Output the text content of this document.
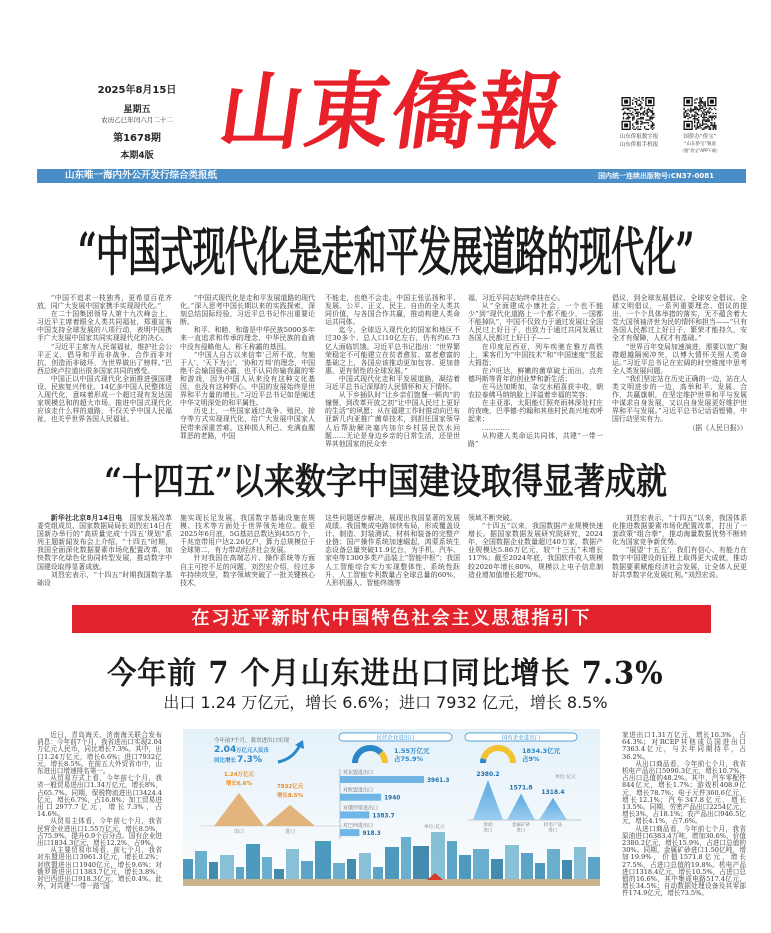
2025年8月15日
星期五
农历乙巳年闰六月二十二
第1678期
本期4版 山東僑報	山东侨报数字报
山东侨报手机报
国侨办“侨宝”
“山东侨宝”频道
（搜“侨宝”APP下载）
山东唯一海内外公开发行综合类报纸	国内统一连续出版物号:CN37-0081
“中国式现代化是走和平发展道路的现代化”

“中国不追求一枝独秀，更希望百花齐放，同广大发展中国家携手实现现代化。”

在二十国集团领导人第十九次峰会上，习近平主席着眼全人类共同福祉，郑重宣布中国支持全球发展的八项行动，表明中国携手广大发展中国家共同实现现代化的决心。

“习近平主席为人民谋福祉，维护社会公平正义，倡导和平而非战争、合作而非对抗、创造而非破坏，为世界做出了榜样。”巴西总统卢拉道出很多国家共同的感受。

中国正以中国式现代化全面推进强国建设、民族复兴伟业。14亿多中国人民整体迈入现代化，意味着形成一个超过现有发达国家规模总和的超大市场。推进中国式现代化应该走什么样的道路，不仅关乎中国人民福祉，也关乎世界各国人民福祉。

“中国式现代化是走和平发展道路的现代化。”深入思考中国长期以来的实践探索，深刻总结国际经验，习近平总书记作出重要论断。

和平、和睦、和谐是中华民族5000多年来一直追求和传承的理念，中华民族的血液中没有侵略他人、称王称霸的基因。

“中国人自古以来信奉‘己所不欲，勿施于人’、‘天下为公’、‘协和万邦’的理念，中国绝不会输国强必霸，也不认同你输我赢的零和游戏，因为中国人从来没有这种文化基因，也没有这种野心。中国的发展始终是世界和平力量的增长。”习近平总书记如是阐述中华文明深处的和平属性。

历史上，一些国家通过战争、殖民、掠夺等方式实现现代化，给广大发展中国家人民带来深重苦难。这种损人利己、充满血腥罪恶的老路，中国

不能走，也绝不会走。中国主张弘扬和平、发展、公平、正义、民主、自由的全人类共同价值，与各国合作共赢，推动构建人类命运共同体。

迄今，全球迈入现代化的国家和地区不过30多个、总人口10亿左右，仍有约6.73亿人面临饥饿。习近平总书记指出：“世界繁荣稳定不可能建立在贫者愈贫、富者愈富的基础之上，各国应该推动更加包容、更加普惠、更有韧性的全球发展。”

中国式现代化走和平发展道路，凝结着习近平总书记深厚的人民情怀和天下情怀。

从下乡插队时“让乡亲们饱餐一顿肉”的憧憬，到改革开放之初“让中国人民过上更好的生活”的夙愿；从在福建工作时推动向巴布亚新几内亚推广菌草技术，到担任国家领导人后帮助解决塞内加尔乡村居民饮水问题……无论是身边乡亲的日常生活，还是世界其他国家的民众幸

福，习近平同志始终牵挂在心。

从“全面建成小康社会，一个也不能少”到“现代化道路上一个都不能少，一国都不能掉队”，中国不仅致力于通过发展让全国人民过上好日子，也致力于通过共同发展让各国人民都过上好日子——

在印度尼西亚，列车疾驰在雅万高铁上，乘客们为“中国技术”和“中国速度”竖起大拇指；

在卢旺达，鲜嫩的菌草破土而出，点亮德玛斯等青年的创业梦和新生活；

在马达加斯加，杂交水稻喜获丰收，朝农拉泰佛马纳纳脸上洋溢着幸福的笑容；

在圭亚那，太阳能灯照亮雨林深处村庄的夜晚，巴季德·约翰和其他村民高兴地欢呼起来；

…………

从构建人类命运共同体，共建“一带一路”

倡议，到全球发展倡议、全球安全倡议、全球文明倡议，一系列重要理念、倡议的提出，一个个具体举措的落实，无不蕴含着大党大国领袖济世为民的情怀和担当——“只有各国人民都过上好日子，繁荣才能持久，安全才有保障，人权才有基础。”

“世界百年变局加速演进，需要以宽广胸襟超越隔阂冲突，以博大情怀关照人类命运。”习近平总书记在宏阔的时空维度中思考全人类发展问题。

“我们坚定站在历史正确的一边，站在人类文明进步的一边，高举和平、发展、合作、共赢旗帜，在坚定维护世界和平与发展中谋求自身发展，又以自身发展更好维护世界和平与发展。”习近平总书记话语铿锵，中国行动坚实有力。

（据《人民日报》）

“十四五”以来数字中国建设取得显著成就

新华社北京8月14日电　 国家发展改革委党组成员、国家数据局局长刘烈宏14日在国新办举行的“高质量完成‘十四五’规划”系列主题新闻发布会上介绍，“十四五”时期，我国全面深化数据要素市场化配置改革，加快数字化绿色化协同转型发展，推动数字中国建设取得显著成就。

刘烈宏表示，“十四五”时期我国数字基础设

施实现长足发展，我国数字基础设施在规模、技术等方面处于世界领先地位。截至2025年6月底，5G基站总数达到455万个，千兆宽带用户达2.26亿户，算力总规模位于全球第二，有力带动经济社会发展。

针对我国在高端芯片、操作系统等方面自主可控不足的问题，刘烈宏介绍，经过多年持续攻坚，数字领域突破了一批关键核心技术，

这些问题逐步解决，展现出我国显著的发展成绩。我国集成电路加快布局，形成覆盖设计、制造、封装测试、材料和装备的完整产业链；国产操作系统加速崛起，鸿蒙系统生态设备总量突破11.9亿台，为手机、汽车、家电等1300多类产品装上“智能中枢”；我国人工智能综合实力实现整体性、系统性跃升，人工智能专利数量占全球总量的60%，人形机器人、智能终端等

领域不断突破。

“十四五”以来，我国数据产业规模快速增长。据国家数据发展研究院研究，2024年，全国数据企业数量超过40万家，数据产业规模达5.86万亿元，较“十三五”末增长117%；截至2024年底，我国软件收入规模较2020年增长80%，规模以上电子信息制造业增加值增长超70%。

刘烈宏表示，“十四五”以来，我国体系化推进数据要素市场化配置改革，打出了一套政策“组合拳”，推动海量数据优势不断转化为国家竞争新优势。

“展望‘十五五’，我们有信心、有能力在数字中国建设的征程上取得更大成就，推动数据要素赋能经济社会发展，让全体人民更好共享数字化发展红利。”刘烈宏说。

在习近平新时代中国特色社会主义思想指引下
今年前 7 个月山东进出口同比增长 7.3%
出口 1.24 万亿元，增长 6.6%；进口 7932 亿元，增长 8.5%

近日，青岛海关、济南海关联合发布消息：今年前7个月，我省进出口实现2.04万亿元人民币，同比增长7.3%。其中，出口1.24万亿元，增长6.6%；进口7932亿元，增长8.5%。在前五大外贸省市中，山东进出口增速排名第一。

从贸易方式上看，今年前七个月，我省一般贸易进出口1.34万亿元，增长8%，占65.7%。同期，保税物流进出口3424.4亿元，增长6.7%，占16.8%；加工贸易进出口2977.7亿元，增长7.3%，占14.6%。

从贸易主体看，今年前七个月，我省民营企业进出口1.55万亿元，增长8.5%，占75.9%，提升0.9个百分点。国有企业进出口1834.3亿元，增长12.2%，占9%。

从主要贸易市场看，前七个月，我省对东盟进出口3961.3亿元，增长0.2%；对欧盟进出口1940亿元，增长9.6%；对俄罗斯进出口1383.7亿元，增长3.8%；对巴西进出口918.3亿元，增长0.4%。此外，对共建“一带一路”国

家进出口1.31万亿元，增长10.3%，占64.3%；对RCEP其他成员国进出口7363.4亿元，与去年同期持平，占36.2%。

从出口商品看，今年前七个月，我省机电产品出口5990.3亿元，增长10.7%，占出口总值的48.2%。其中，汽车零配件844亿元，增长1.7%；游戏机408.9亿元，增长78.7%；电子元件360.6亿元，增长12.1%；汽车347.8亿元，增长13.5%。同期，劳密产品出口2254亿元，增长3%，占18.1%；农产品出口946.5亿元，增长4.1%，占7.6%。

从进口商品看，今年前七个月，我省原油进口6383.4万吨，增加30.6%，价值2380.2亿元，增长15.9%，占进口总值的30%。同期，金属矿砂进口1.50亿吨，增加19.9%，价值1571.8亿元，增长27.5%，占进口总值的19.8%。机电产品进口1318.4亿元，增长10.5%，占进口总值的16.6%，其中集成电路517.4亿元，增长34.5%；自动数据处理设备及其零部件174.9亿元，增长73.5%。

今年前7个月，我省进出口实现
2.04 万亿元人民币
同比增长 7.3%
1.24万亿元
增长6.6%
出口
7932亿元
增长8.5%
进口
民营企业进出口
1.55万亿元
占75.9%
国有企业进出口
1834.3亿元
占9%
对东盟进出口
3961.3
对欧盟进出口
1940
对俄罗斯进出口
1383.7
对巴西进出口
918.3
单位:亿元
2380.2
原油
进口
1571.8
金属矿砂
进口
1318.4
机电产品
进口
单位:亿元
